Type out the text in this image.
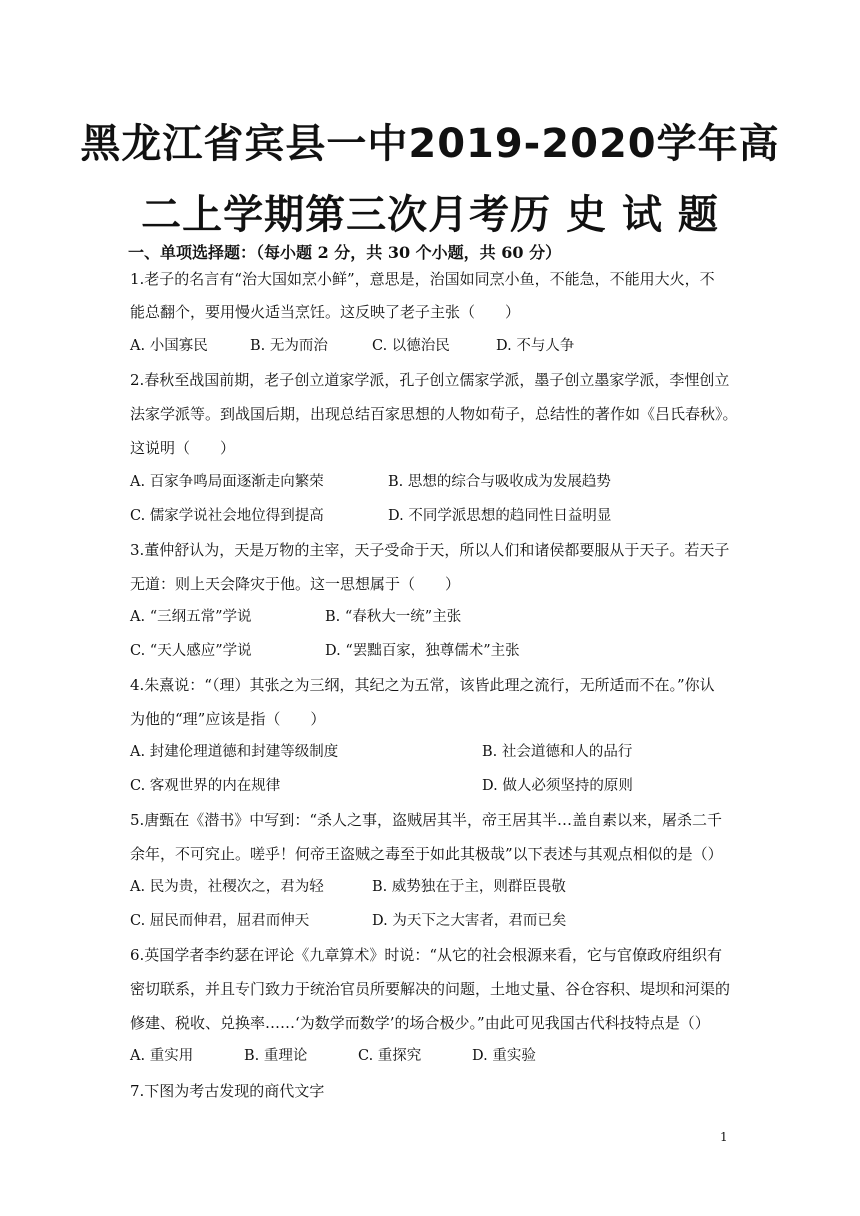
黑龙江省宾县一中2019-2020学年高
二上学期第三次月考历 史 试 题
一、单项选择题：（每小题 2 分，共 30 个小题，共 60 分）
1.老子的名言有“治大国如烹小鲜”，意思是，治国如同烹小鱼，不能急，不能用大火，不
能总翻个，要用慢火适当烹饪。这反映了老子主张（　　）
A. 小国寡民	B. 无为而治	C. 以德治民	D. 不与人争
2.春秋至战国前期，老子创立道家学派，孔子创立儒家学派，墨子创立墨家学派，李悝创立
法家学派等。到战国后期，出现总结百家思想的人物如荀子，总结性的著作如《吕氏春秋》。
这说明（　　）
A. 百家争鸣局面逐渐走向繁荣	B. 思想的综合与吸收成为发展趋势
C. 儒家学说社会地位得到提高	D. 不同学派思想的趋同性日益明显
3.董仲舒认为，天是万物的主宰，天子受命于天，所以人们和诸侯都要服从于天子。若天子
无道：则上天会降灾于他。这一思想属于（　　）
A. “三纲五常”学说	B. “春秋大一统”主张
C. “天人感应”学说	D. “罢黜百家，独尊儒术”主张
4.朱熹说：“（理）其张之为三纲，其纪之为五常，该皆此理之流行，无所适而不在。”你认
为他的“理”应该是指（　　）
A. 封建伦理道德和封建等级制度	B. 社会道德和人的品行
C. 客观世界的内在规律	D. 做人必须坚持的原则
5.唐甄在《潜书》中写到：“杀人之事，盗贼居其半，帝王居其半…盖自素以来，屠杀二千
余年，不可究止。嗟乎！何帝王盗贼之毒至于如此其极哉”以下表述与其观点相似的是（）
A. 民为贵，社稷次之，君为轻	B. 威势独在于主，则群臣畏敬
C. 屈民而伸君，屈君而伸天	D. 为天下之大害者，君而已矣
6.英国学者李约瑟在评论《九章算术》时说：“从它的社会根源来看，它与官僚政府组织有
密切联系，并且专门致力于统治官员所要解决的问题，土地丈量、谷仓容积、堤坝和河渠的
修建、税收、兑换率……‘为数学而数学’的场合极少。”由此可见我国古代科技特点是（）
A. 重实用	B. 重理论	C. 重探究	D. 重实验
7.下图为考古发现的商代文字
1
